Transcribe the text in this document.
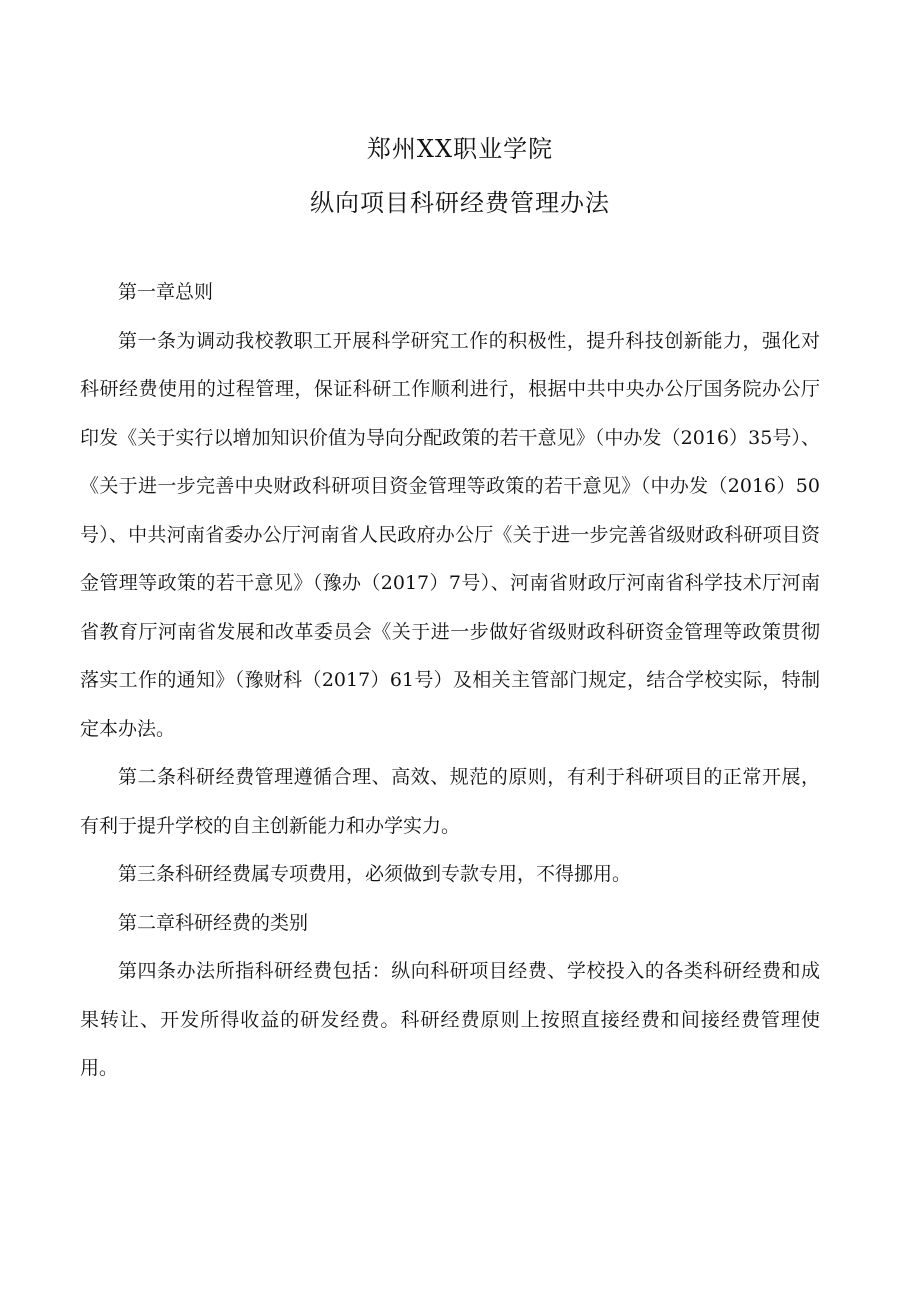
郑州XX职业学院
纵向项目科研经费管理办法

第一章总则

第一条为调动我校教职工开展科学研究工作的积极性，提升科技创新能力，强化对科研经费使用的过程管理，保证科研工作顺利进行，根据中共中央办公厅国务院办公厅印发《关于实行以增加知识价值为导向分配政策的若干意见》（中办发（2016）35号）、《关于进一步完善中央财政科研项目资金管理等政策的若干意见》（中办发（2016）50号）、中共河南省委办公厅河南省人民政府办公厅《关于进一步完善省级财政科研项目资金管理等政策的若干意见》（豫办（2017）7号）、河南省财政厅河南省科学技术厅河南省教育厅河南省发展和改革委员会《关于进一步做好省级财政科研资金管理等政策贯彻落实工作的通知》（豫财科（2017）61号）及相关主管部门规定，结合学校实际，特制定本办法。

第二条科研经费管理遵循合理、高效、规范的原则，有利于科研项目的正常开展，有利于提升学校的自主创新能力和办学实力。

第三条科研经费属专项费用，必须做到专款专用，不得挪用。

第二章科研经费的类别

第四条办法所指科研经费包括：纵向科研项目经费、学校投入的各类科研经费和成果转让、开发所得收益的研发经费。科研经费原则上按照直接经费和间接经费管理使用。
